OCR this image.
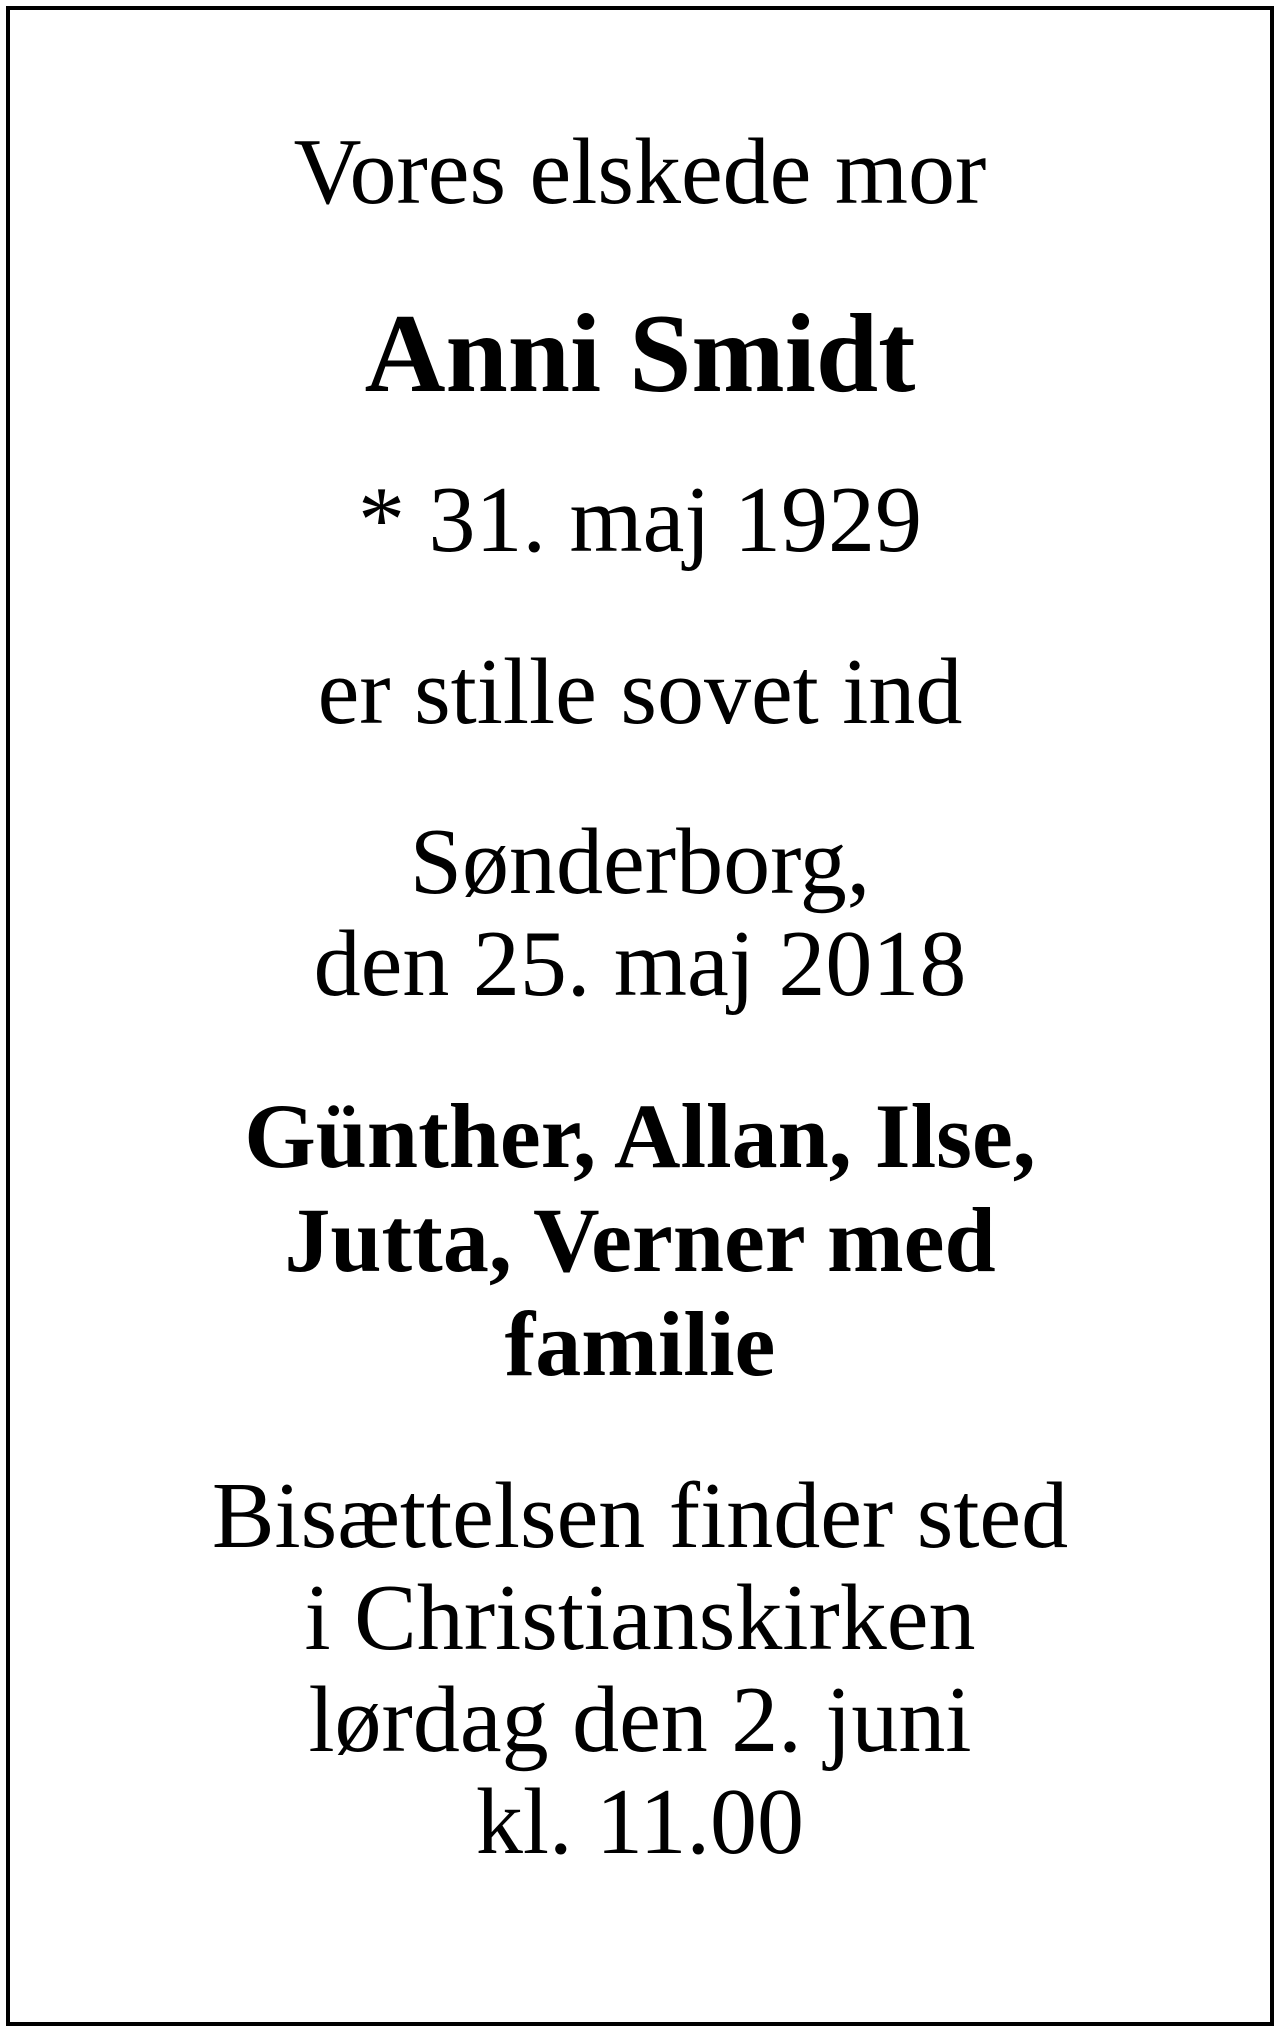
Vores elskede mor

Anni Smidt

* 31. maj 1929

er stille sovet ind

Sønderborg,

den 25. maj 2018

Günther, Allan, Ilse,

Jutta, Verner med

familie

Bisættelsen finder sted

i Christianskirken

lørdag den 2. juni

kl. 11.00
